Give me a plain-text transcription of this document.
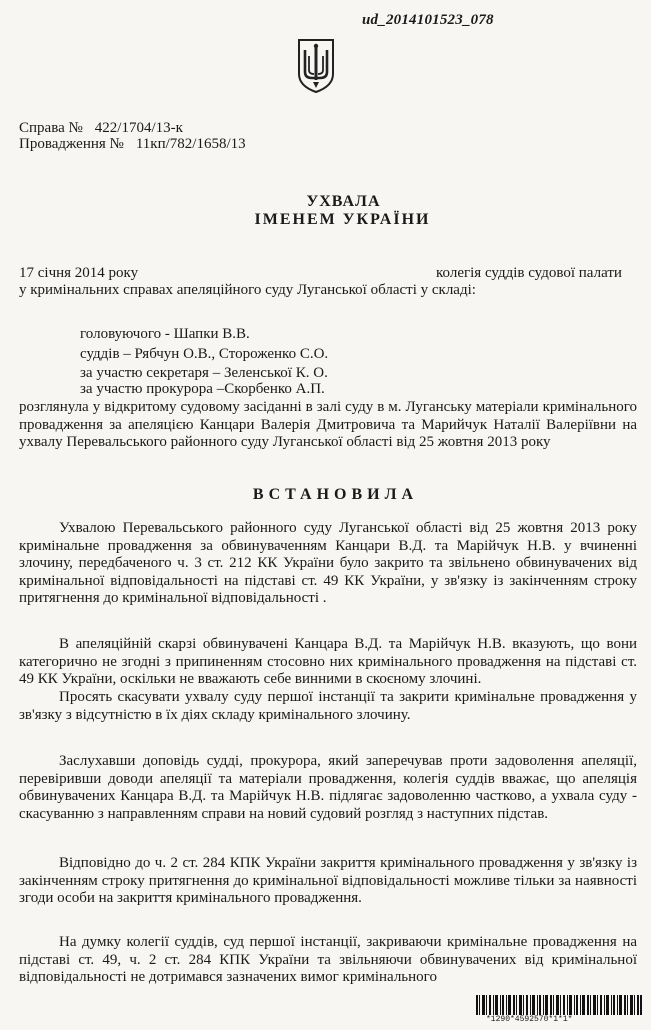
ud_2014101523_078
Справа № 422/1704/13-к
Провадження № 11кп/782/1658/13
УХВАЛА
ІМЕНЕМ УКРАЇНИ
17 січня 2014 року	колегія суддів судової палати
у кримінальних справах апеляційного суду Луганської області у складі:
головуючого - Шапки В.В.
суддів – Рябчун О.В., Стороженко С.О.
за участю секретаря – Зеленської К. О.
за участю прокурора –Скорбенко А.П.
розглянула у відкритому судовому засіданні в залі суду в м. Луганську матеріали кримінального провадження за апеляцією Канцари Валерія Дмитровича та Марийчук Наталії Валеріївни на ухвалу Перевальського районного суду Луганської області від 25 жовтня 2013 року
ВСТАНОВИЛА
Ухвалою Перевальського районного суду Луганської області від 25 жовтня 2013 року кримінальне провадження за обвинуваченням Канцари В.Д. та Марійчук Н.В. у вчиненні злочину, передбаченого ч. 3 ст. 212 КК України було закрито та звільнено обвинувачених від кримінальної відповідальності на підставі ст. 49 КК України, у зв'язку із закінченням строку притягнення до кримінальної відповідальності .
В апеляційній скарзі обвинувачені Канцара В.Д. та Марійчук Н.В. вказують, що вони категорично не згодні з припиненням стосовно них кримінального провадження на підставі ст. 49 КК України, оскільки не вважають себе винними в скоєному злочині.
Просять скасувати ухвалу суду першої інстанції та закрити кримінальне провадження у зв'язку з відсутністю в їх діях складу кримінального злочину.
Заслухавши доповідь судді, прокурора, який заперечував проти задоволення апеляції, перевіривши доводи апеляції та матеріали провадження, колегія суддів вважає, що апеляція обвинувачених Канцара В.Д. та Марійчук Н.В. підлягає задоволенню частково, а ухвала суду - скасуванню з направленням справи на новий судовий розгляд з наступних підстав.
Відповідно до ч. 2 ст. 284 КПК України закриття кримінального провадження у зв'язку із закінченням строку притягнення до кримінальної відповідальності можливе тільки за наявності згоди особи на закриття кримінального провадження.
На думку колегії суддів, суд першої інстанції, закриваючи кримінальне провадження на підставі ст. 49, ч. 2 ст. 284 КПК України та звільняючи обвинувачених від кримінальної відповідальності не дотримався зазначених вимог кримінального
*1290*4592570*1*1*
